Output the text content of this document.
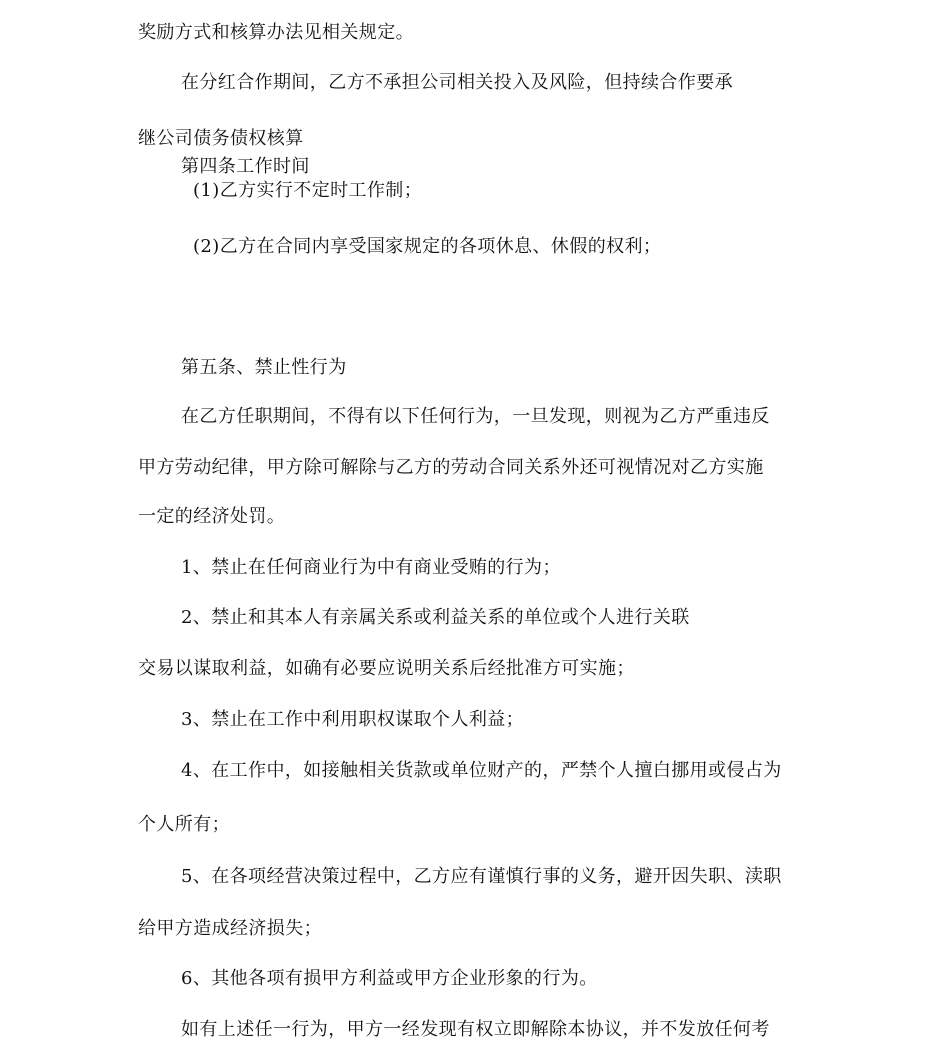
奖励方式和核算办法见相关规定。
在分红合作期间，乙方不承担公司相关投入及风险，但持续合作要承
继公司债务债权核算
第四条工作时间
(1)乙方实行不定时工作制；
(2)乙方在合同内享受国家规定的各项休息、休假的权利；
第五条、禁止性行为
在乙方任职期间，不得有以下任何行为，一旦发现，则视为乙方严重违反
甲方劳动纪律，甲方除可解除与乙方的劳动合同关系外还可视情况对乙方实施
一定的经济处罚。
1、禁止在任何商业行为中有商业受贿的行为；
2、禁止和其本人有亲属关系或利益关系的单位或个人进行关联
交易以谋取利益，如确有必要应说明关系后经批准方可实施；
3、禁止在工作中利用职权谋取个人利益；
4、在工作中，如接触相关货款或单位财产的，严禁个人擅白挪用或侵占为
个人所有；
5、在各项经营决策过程中，乙方应有谨慎行事的义务，避开因失职、渎职
给甲方造成经济损失；
6、其他各项有损甲方利益或甲方企业形象的行为。
如有上述任一行为，甲方一经发现有权立即解除本协议，并不发放任何考
